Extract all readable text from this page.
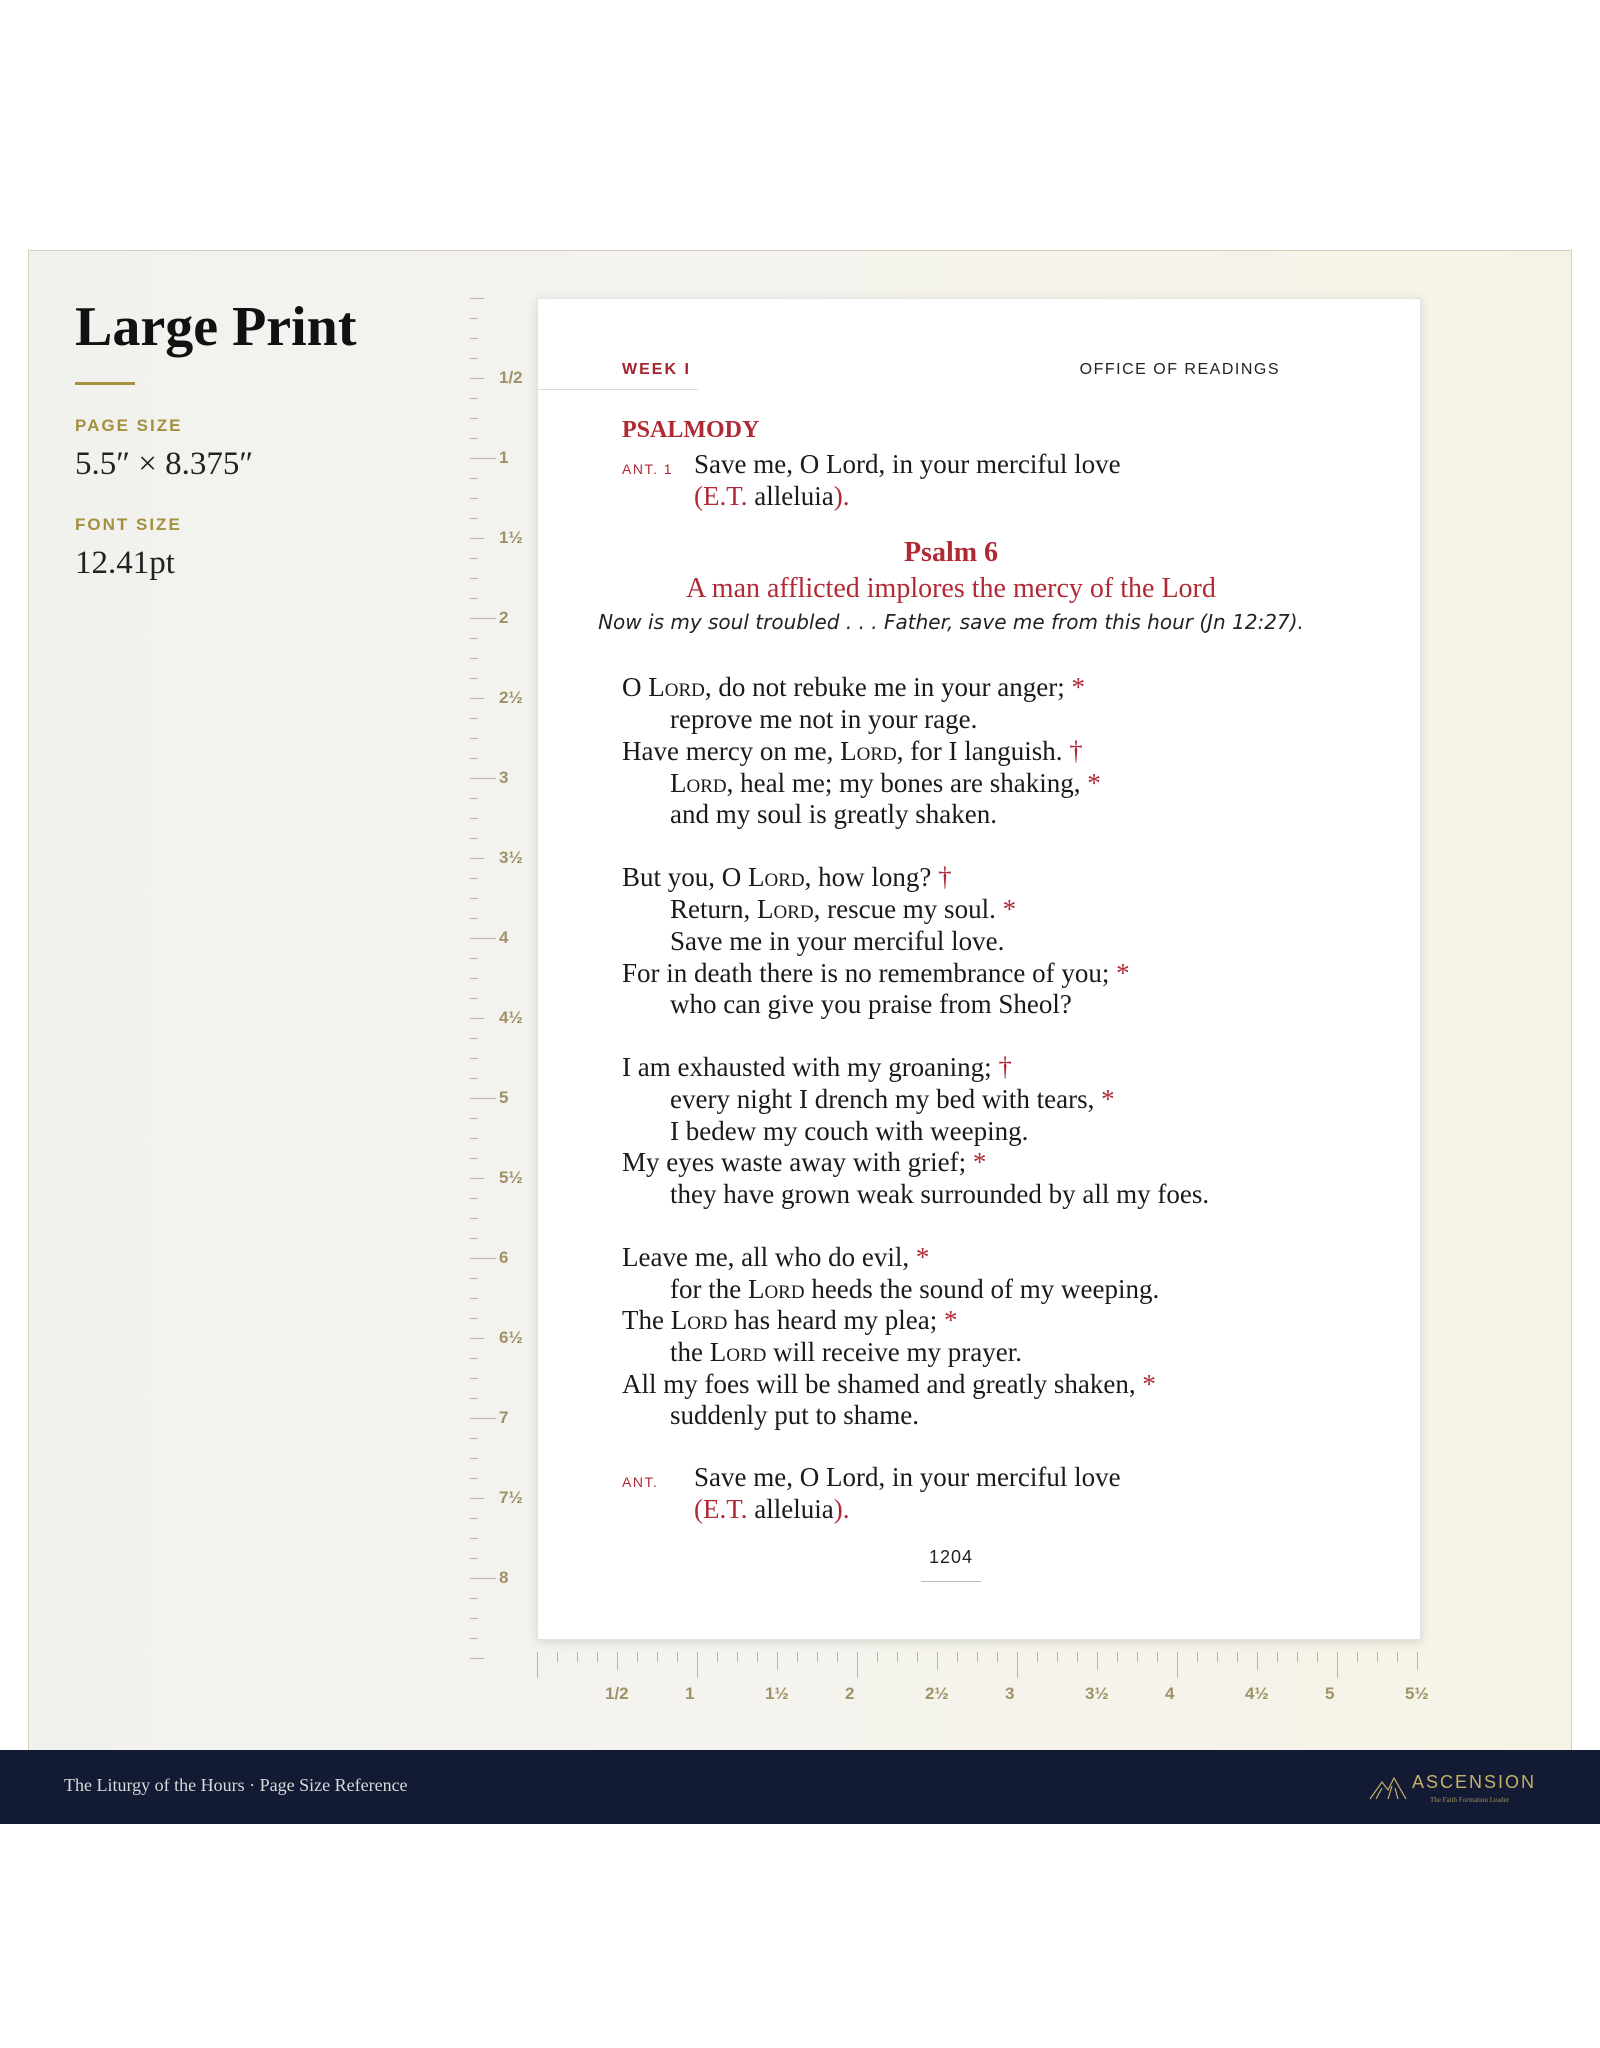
Large Print
PAGE SIZE
5.5″ × 8.375″
FONT SIZE
12.41pt
1/2
1
1½
2
2½
3
3½
4
4½
5
5½
6
6½
7
7½
8
1/2	1	1½	2	2½	3	3½	4	4½	5	5½
WEEK I	OFFICE OF READINGS
PSALMODY
ANT. 1 Save me, O Lord, in your merciful love
(E.T. alleluia).
Psalm 6
A man afflicted implores the mercy of the Lord
Now is my soul troubled . . . Father, save me from this hour (Jn 12:27).
O Lord, do not rebuke me in your anger; *
reprove me not in your rage.
Have mercy on me, Lord, for I languish. †
Lord, heal me; my bones are shaking, *
and my soul is greatly shaken.
But you, O Lord, how long? †
Return, Lord, rescue my soul. *
Save me in your merciful love.
For in death there is no remembrance of you; *
who can give you praise from Sheol?
I am exhausted with my groaning; †
every night I drench my bed with tears, *
I bedew my couch with weeping.
My eyes waste away with grief; *
they have grown weak surrounded by all my foes.
Leave me, all who do evil, *
for the Lord heeds the sound of my weeping.
The Lord has heard my plea; *
the Lord will receive my prayer.
All my foes will be shamed and greatly shaken, *
suddenly put to shame.
ANT. Save me, O Lord, in your merciful love
(E.T. alleluia).
1204
The Liturgy of the Hours · Page Size Reference	ASCENSION
The Faith Formation Leader
